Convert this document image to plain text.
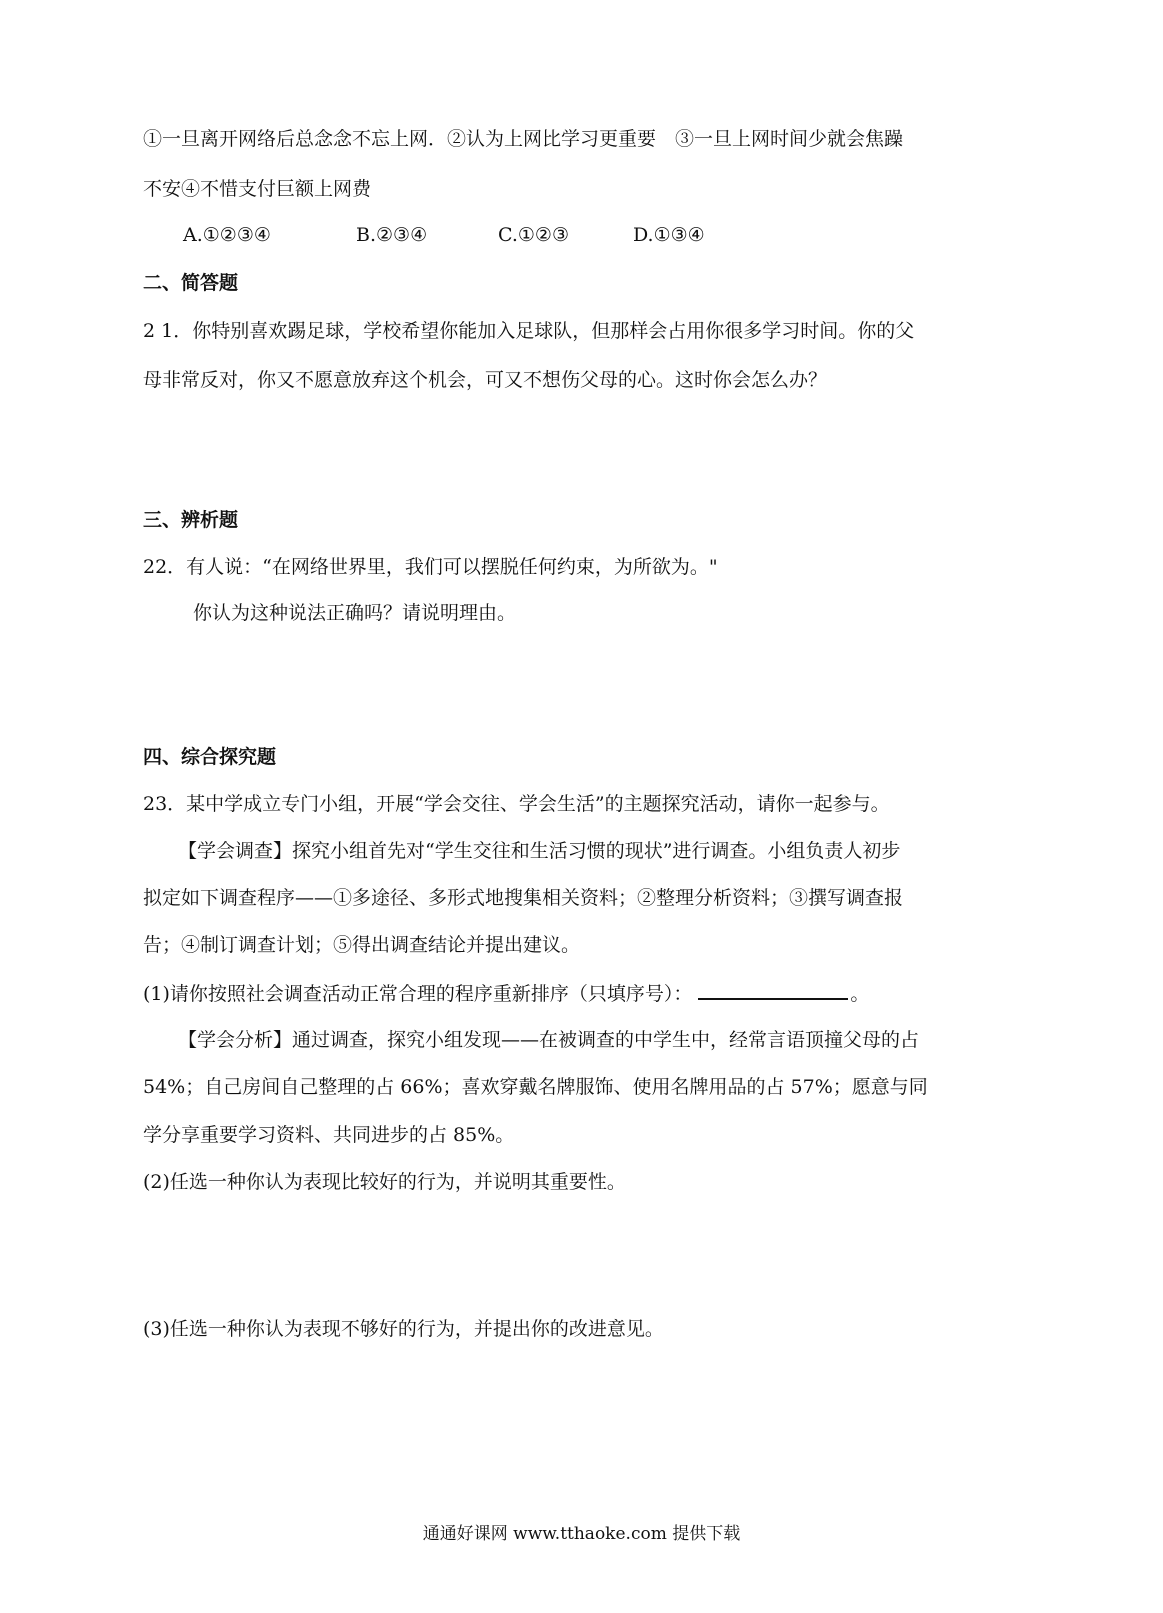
①一旦离开网络后总念念不忘上网．②认为上网比学习更重要　③一旦上网时间少就会焦躁
不安④不惜支付巨额上网费
A.①②③④	B.②③④	C.①②③	D.①③④
二、简答题
2 1．你特别喜欢踢足球，学校希望你能加入足球队，但那样会占用你很多学习时间。你的父
母非常反对，你又不愿意放弃这个机会，可又不想伤父母的心。这时你会怎么办？
三、辨析题
22．有人说：“在网络世界里，我们可以摆脱任何约束，为所欲为。"
你认为这种说法正确吗？请说明理由。
四、综合探究题
23．某中学成立专门小组，开展“学会交往、学会生活”的主题探究活动，请你一起参与。
【学会调查】探究小组首先对“学生交往和生活习惯的现状”进行调查。小组负责人初步
拟定如下调查程序——①多途径、多形式地搜集相关资料；②整理分析资料；③撰写调查报
告；④制订调查计划；⑤得出调查结论并提出建议。
(1)请你按照社会调查活动正常合理的程序重新排序（只填序号）：	。
【学会分析】通过调查，探究小组发现——在被调查的中学生中，经常言语顶撞父母的占
54%；自己房间自己整理的占 66%；喜欢穿戴名牌服饰、使用名牌用品的占 57%；愿意与同
学分享重要学习资料、共同进步的占 85%。
(2)任选一种你认为表现比较好的行为，并说明其重要性。
(3)任选一种你认为表现不够好的行为，并提出你的改进意见。
通通好课网 www.tthaoke.com 提供下载
